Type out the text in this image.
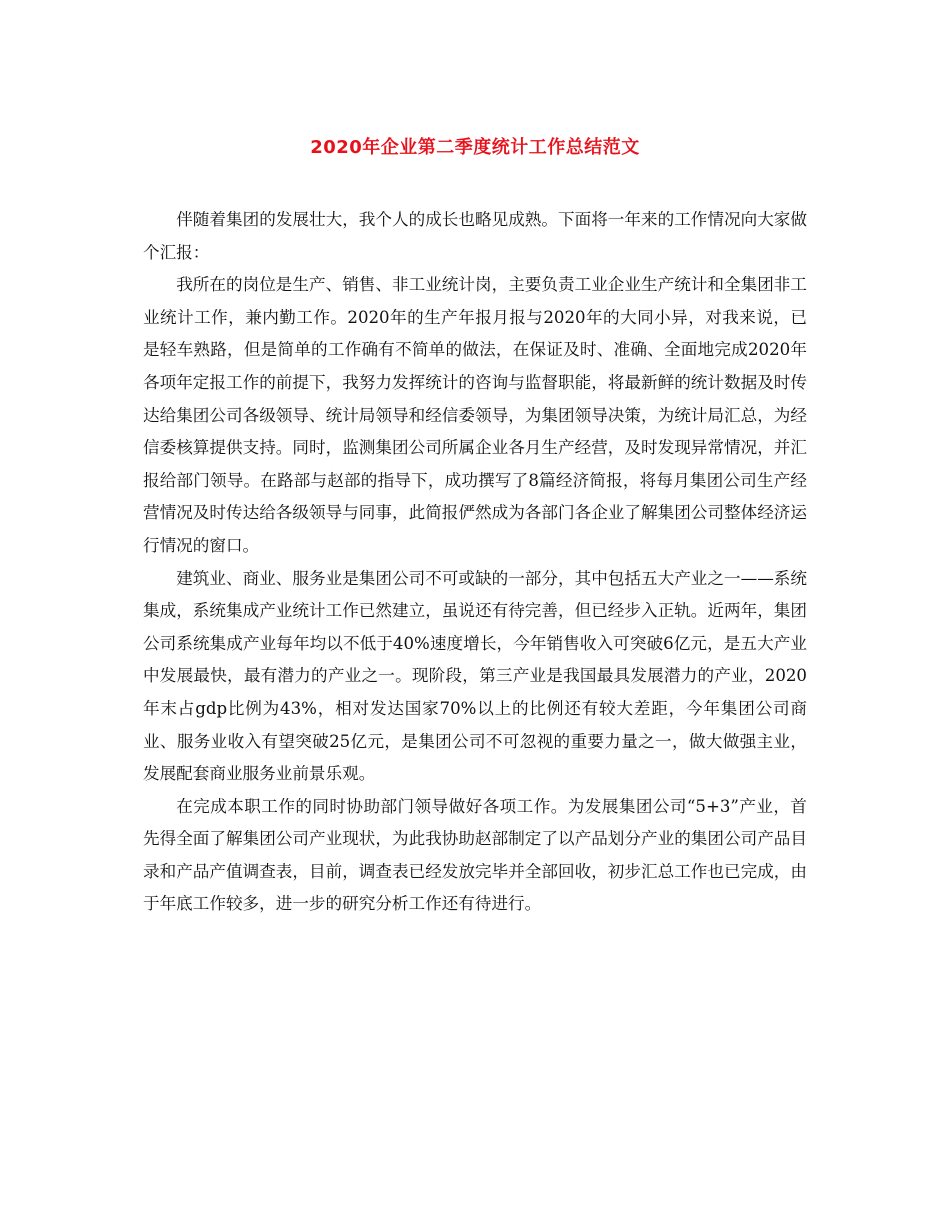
2020年企业第二季度统计工作总结范文

伴随着集团的发展壮大，我个人的成长也略见成熟。下面将一年来的工作情况向大家做个汇报：

我所在的岗位是生产、销售、非工业统计岗，主要负责工业企业生产统计和全集团非工业统计工作，兼内勤工作。2020年的生产年报月报与2020年的大同小异，对我来说，已是轻车熟路，但是简单的工作确有不简单的做法，在保证及时、准确、全面地完成2020年各项年定报工作的前提下，我努力发挥统计的咨询与监督职能，将最新鲜的统计数据及时传达给集团公司各级领导、统计局领导和经信委领导，为集团领导决策，为统计局汇总，为经信委核算提供支持。同时，监测集团公司所属企业各月生产经营，及时发现异常情况，并汇报给部门领导。在路部与赵部的指导下，成功撰写了8篇经济简报，将每月集团公司生产经营情况及时传达给各级领导与同事，此简报俨然成为各部门各企业了解集团公司整体经济运行情况的窗口。

建筑业、商业、服务业是集团公司不可或缺的一部分，其中包括五大产业之一——系统集成，系统集成产业统计工作已然建立，虽说还有待完善，但已经步入正轨。近两年，集团公司系统集成产业每年均以不低于40%速度增长，今年销售收入可突破6亿元，是五大产业中发展最快，最有潜力的产业之一。现阶段，第三产业是我国最具发展潜力的产业，2020年末占gdp比例为43%，相对发达国家70%以上的比例还有较大差距，今年集团公司商业、服务业收入有望突破25亿元，是集团公司不可忽视的重要力量之一，做大做强主业，发展配套商业服务业前景乐观。

在完成本职工作的同时协助部门领导做好各项工作。为发展集团公司“5+3”产业，首先得全面了解集团公司产业现状，为此我协助赵部制定了以产品划分产业的集团公司产品目录和产品产值调查表，目前，调查表已经发放完毕并全部回收，初步汇总工作也已完成，由于年底工作较多，进一步的研究分析工作还有待进行。
